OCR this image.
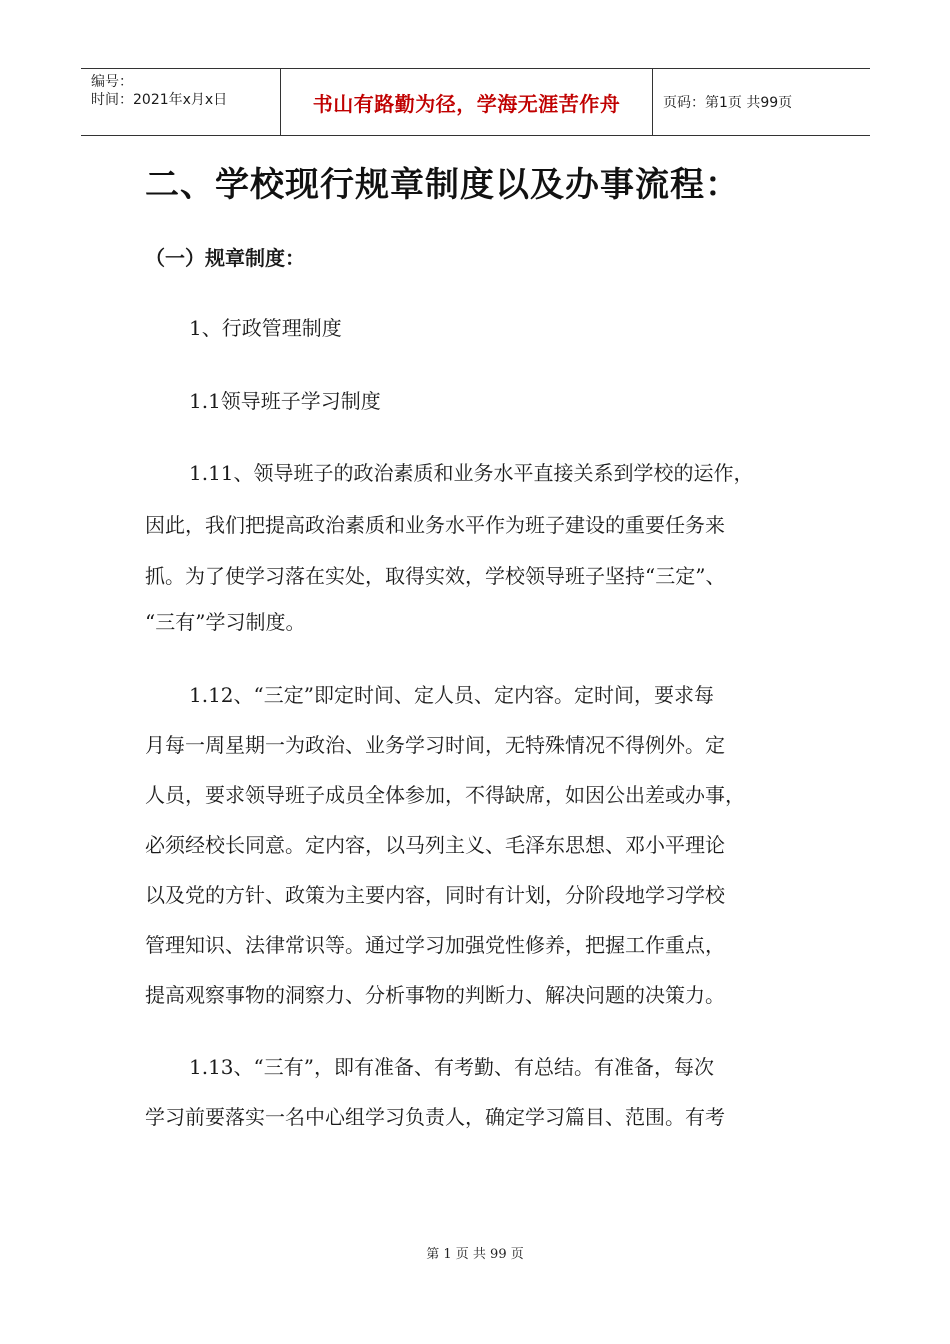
编号：
时间：2021年x月x日	书山有路勤为径，学海无涯苦作舟	页码：第1页 共99页
二、学校现行规章制度以及办事流程：
（一）规章制度：
1、行政管理制度
1.1领导班子学习制度
1.11、领导班子的政治素质和业务水平直接关系到学校的运作，
因此，我们把提高政治素质和业务水平作为班子建设的重要任务来
抓。为了使学习落在实处，取得实效，学校领导班子坚持“三定”、
“三有”学习制度。
1.12、“三定”即定时间、定人员、定内容。定时间，要求每
月每一周星期一为政治、业务学习时间，无特殊情况不得例外。定
人员，要求领导班子成员全体参加，不得缺席，如因公出差或办事，
必须经校长同意。定内容，以马列主义、毛泽东思想、邓小平理论
以及党的方针、政策为主要内容，同时有计划，分阶段地学习学校
管理知识、法律常识等。通过学习加强党性修养，把握工作重点，
提高观察事物的洞察力、分析事物的判断力、解决问题的决策力。
1.13、“三有”，即有准备、有考勤、有总结。有准备，每次
学习前要落实一名中心组学习负责人，确定学习篇目、范围。有考
第 1 页 共 99 页
